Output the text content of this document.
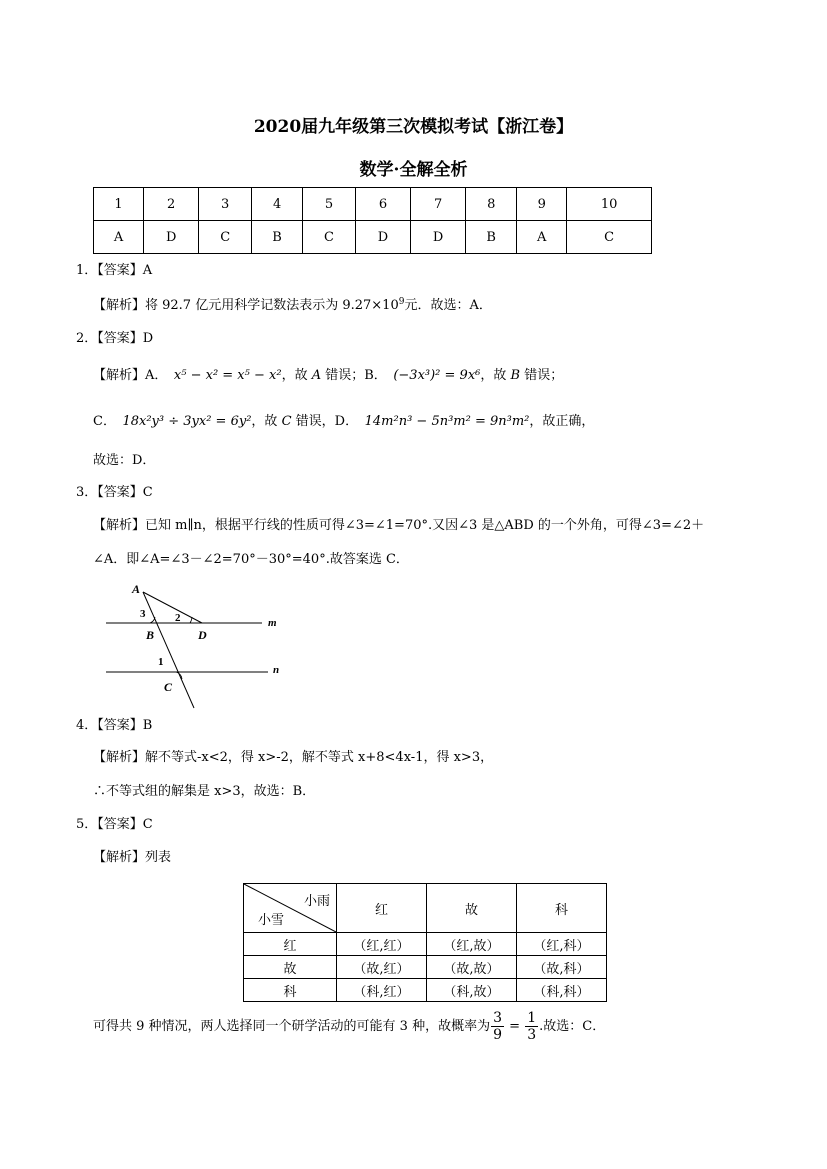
2020届九年级第三次模拟考试【浙江卷】
数学·全解全析
1	2	3	4	5	6	7	8	9	10
A	D	C	B	C	D	D	B	A	C
1．【答案】A
【解析】将 92.7 亿元用科学记数法表示为 $9.27\times 10^9$元．故选：A．
2．【答案】D
【解析】A．　 x⁵ − x² = x⁵ − x²，故 A 错误；B．　 (−3x³)² = 9x⁶，故 B 错误；
C．　 18x²y³ ÷ 3yx² = 6y²，故 C 错误，D．　 14m²n³ − 5n³m² = 9n³m²，故正确，
故选：D．
3．【答案】C
【解析】已知 m∥n，根据平行线的性质可得∠3=∠1=70°.又因∠3 是△ABD 的一个外角，可得∠3=∠2＋
∠A．即∠A=∠3－∠2=70°－30°=40°.故答案选 C．
A
3	2
B	D
m
1
n
C
4．【答案】B
【解析】解不等式-x<2，得 x>-2，解不等式 x+8<4x-1，得 x>3，
∴不等式组的解集是 x>3，故选：B．
5．【答案】C
【解析】列表
小雨
小雪	红	故	科
红	（红,红）	（红,故）	（红,科）
故	（故,红）	（故,故）	（故,科）
科	（科,红）	（科,故）	（科,科）
可得共 9 种情况，两人选择同一个研学活动的可能有 3 种，故概率为 $\frac{3}{9} = \frac{1}{3}$ .故选：C．
